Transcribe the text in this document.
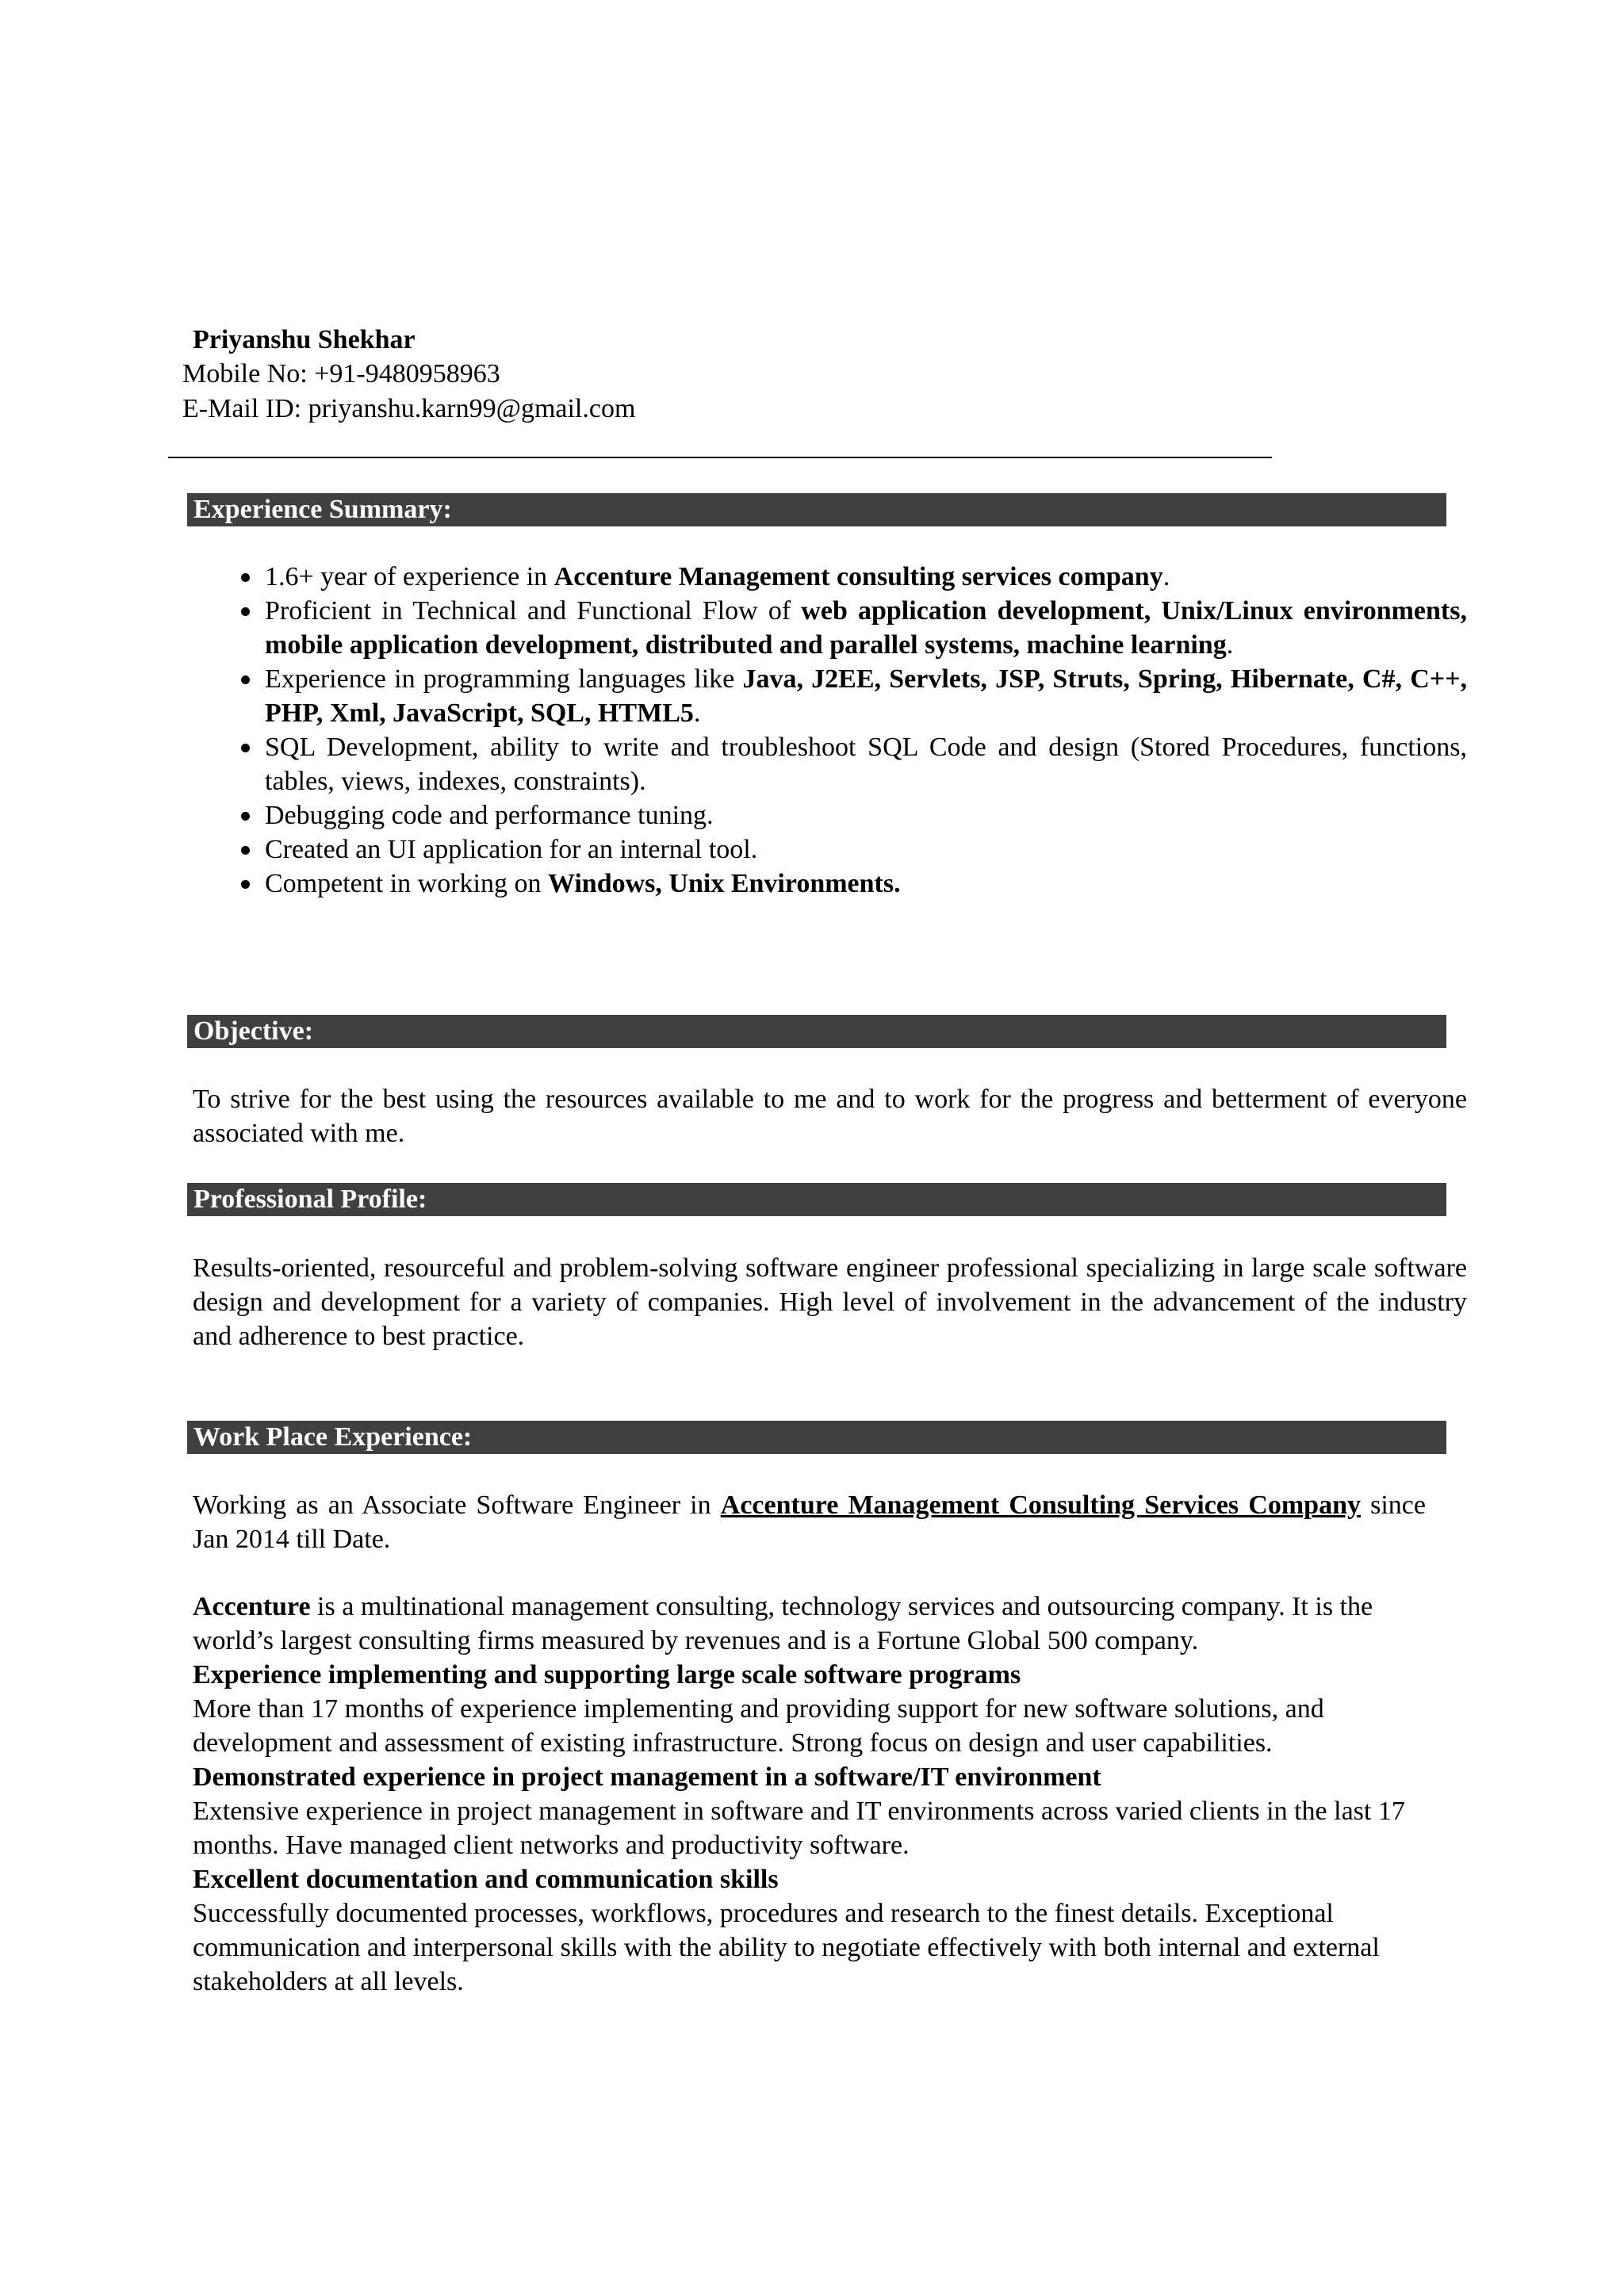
Priyanshu Shekhar
Mobile No: +91-9480958963
E-Mail ID: priyanshu.karn99@gmail.com
Experience Summary:
1.6+ year of experience in Accenture Management consulting services company.
Proficient in Technical and Functional Flow of web application development, Unix/Linux environments, mobile application development, distributed and parallel systems, machine learning.
Experience in programming languages like Java, J2EE, Servlets, JSP, Struts, Spring, Hibernate, C#, C++, PHP, Xml, JavaScript, SQL, HTML5.
SQL Development, ability to write and troubleshoot SQL Code and design (Stored Procedures, functions, tables, views, indexes, constraints).
Debugging code and performance tuning.
Created an UI application for an internal tool.
Competent in working on Windows, Unix Environments.
Objective:
To strive for the best using the resources available to me and to work for the progress and betterment of everyone associated with me.
Professional Profile:
Results-oriented, resourceful and problem-solving software engineer professional specializing in large scale software design and development for a variety of companies. High level of involvement in the advancement of the industry and adherence to best practice.
Work Place Experience:
Working as an Associate Software Engineer in Accenture Management Consulting Services Company since Jan 2014 till Date.
Accenture is a multinational management consulting, technology services and outsourcing company. It is the world’s largest consulting firms measured by revenues and is a Fortune Global 500 company.
Experience implementing and supporting large scale software programs
More than 17 months of experience implementing and providing support for new software solutions, and development and assessment of existing infrastructure. Strong focus on design and user capabilities.
Demonstrated experience in project management in a software/IT environment
Extensive experience in project management in software and IT environments across varied clients in the last 17 months. Have managed client networks and productivity software.
Excellent documentation and communication skills
Successfully documented processes, workflows, procedures and research to the finest details. Exceptional communication and interpersonal skills with the ability to negotiate effectively with both internal and external stakeholders at all levels.
